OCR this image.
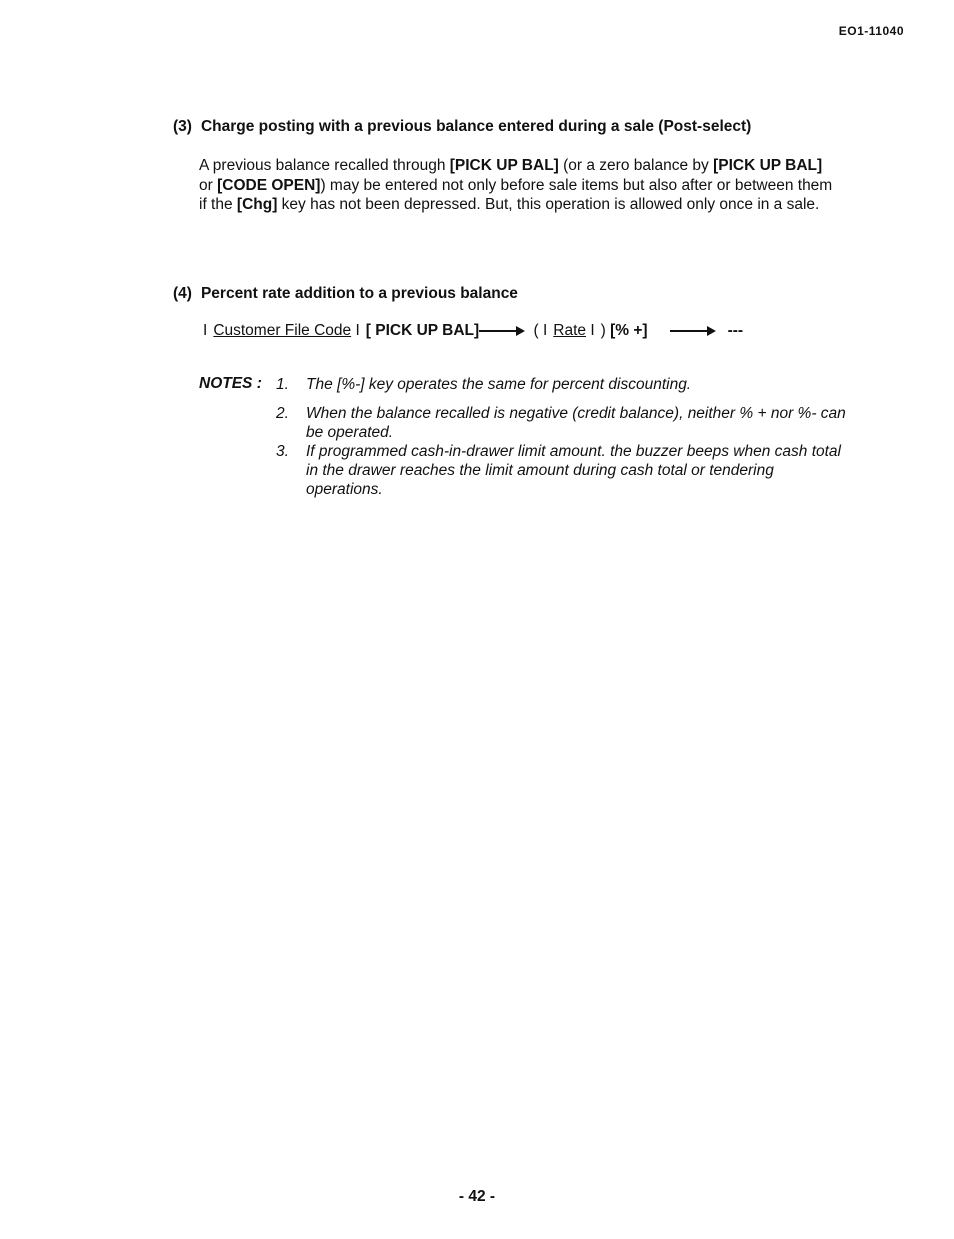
EO1-11040
(3) Charge posting with a previous balance entered during a sale (Post-select)
A previous balance recalled through [PICK UP BAL] (or a zero balance by [PICK UP BAL] or [CODE OPEN]) may be entered not only before sale items but also after or between them if the [Chg] key has not been depressed. But, this operation is allowed only once in a sale.
(4) Percent rate addition to a previous balance
I Customer File Code I [ PICK UP BAL]	( I Rate I ) [% +]	---
NOTES : 1.	The [%-] key operates the same for percent discounting.
2.	When the balance recalled is negative (credit balance), neither % + nor %- can be operated.
3.	If programmed cash-in-drawer limit amount. the buzzer beeps when cash total in the drawer reaches the limit amount during cash total or tendering operations.
- 42 -
